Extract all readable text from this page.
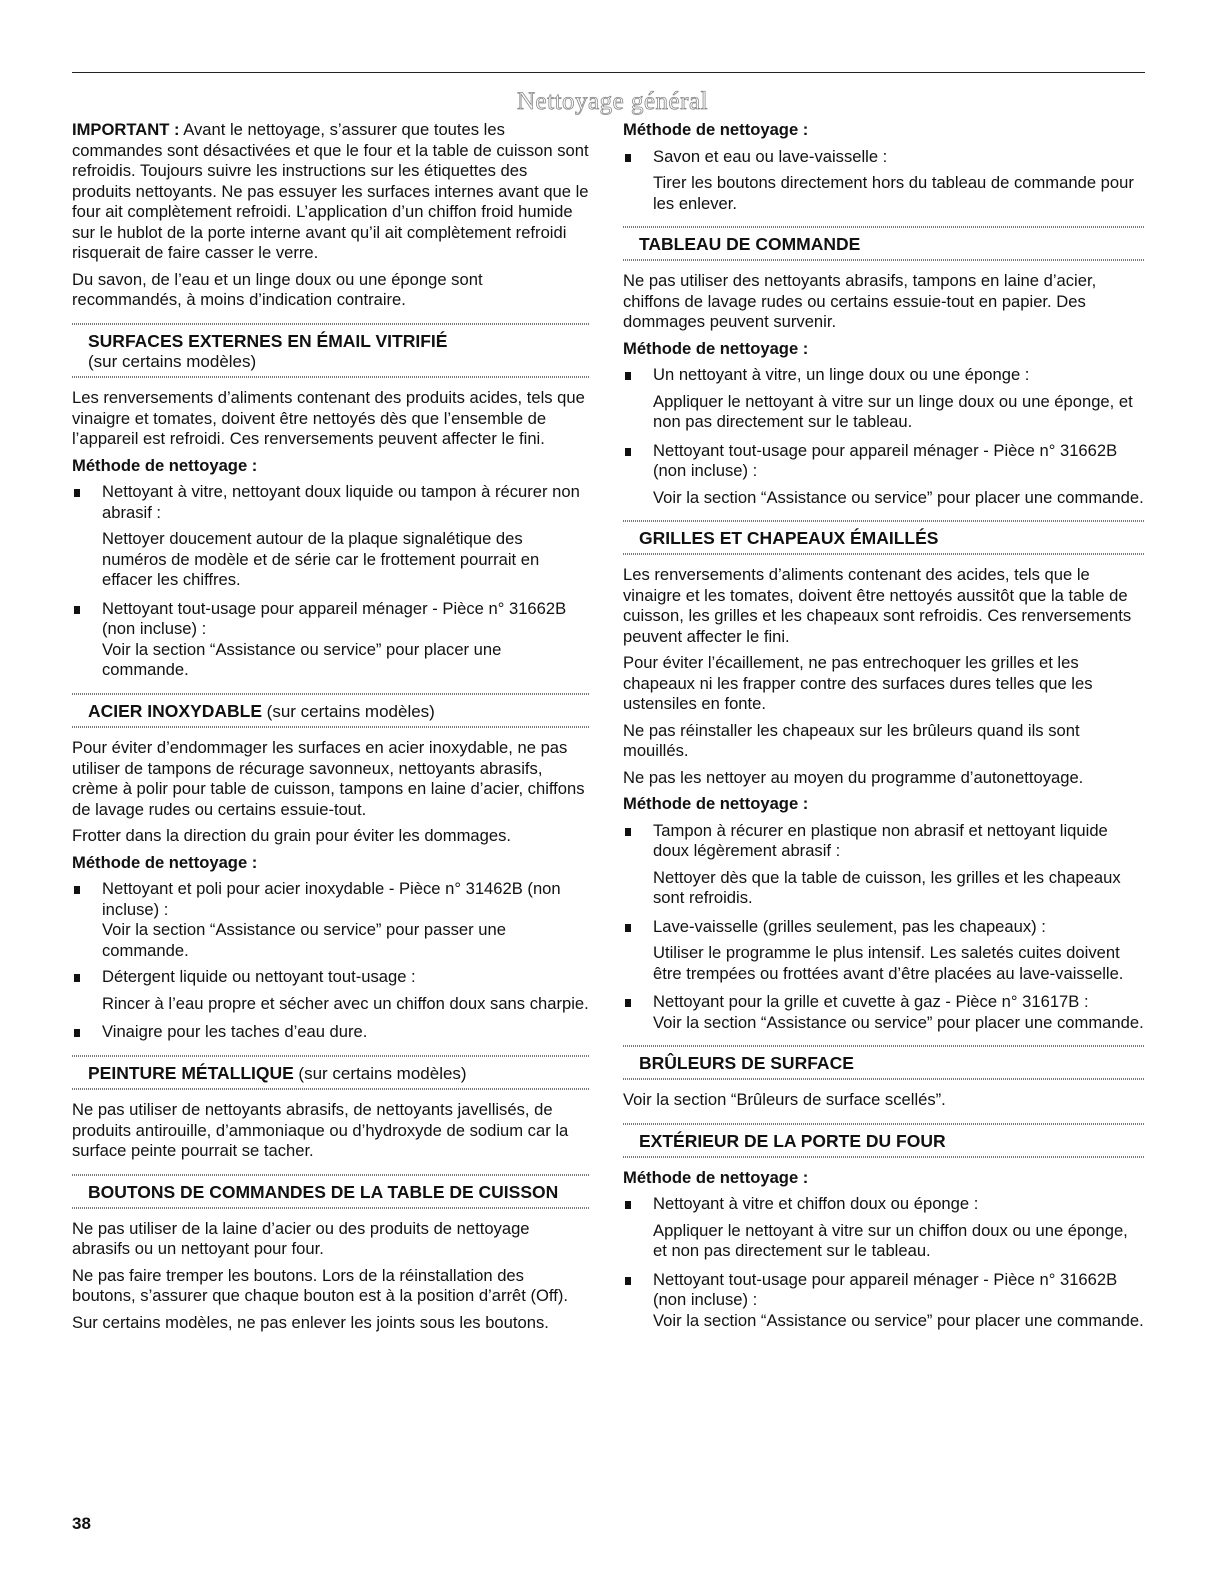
Nettoyage général

IMPORTANT : Avant le nettoyage, s’assurer que toutes les commandes sont désactivées et que le four et la table de cuisson sont refroidis. Toujours suivre les instructions sur les étiquettes des produits nettoyants. Ne pas essuyer les surfaces internes avant que le four ait complètement refroidi. L’application d’un chiffon froid humide sur le hublot de la porte interne avant qu’il ait complètement refroidi risquerait de faire casser le verre.

Du savon, de l’eau et un linge doux ou une éponge sont recommandés, à moins d’indication contraire.

SURFACES EXTERNES EN ÉMAIL VITRIFIÉ
(sur certains modèles)

Les renversements d’aliments contenant des produits acides, tels que vinaigre et tomates, doivent être nettoyés dès que l’ensemble de l’appareil est refroidi. Ces renversements peuvent affecter le fini.

Méthode de nettoyage :

Nettoyant à vitre, nettoyant doux liquide ou tampon à récurer non abrasif :

Nettoyer doucement autour de la plaque signalétique des numéros de modèle et de série car le frottement pourrait en effacer les chiffres.

Nettoyant tout-usage pour appareil ménager - Pièce n° 31662B (non incluse) :
Voir la section “Assistance ou service” pour placer une commande.

ACIER INOXYDABLE (sur certains modèles)

Pour éviter d’endommager les surfaces en acier inoxydable, ne pas utiliser de tampons de récurage savonneux, nettoyants abrasifs, crème à polir pour table de cuisson, tampons en laine d’acier, chiffons de lavage rudes ou certains essuie-tout.

Frotter dans la direction du grain pour éviter les dommages.

Méthode de nettoyage :

Nettoyant et poli pour acier inoxydable - Pièce n° 31462B (non incluse) :
Voir la section “Assistance ou service” pour passer une commande.

Détergent liquide ou nettoyant tout-usage :

Rincer à l’eau propre et sécher avec un chiffon doux sans charpie.

Vinaigre pour les taches d’eau dure.

PEINTURE MÉTALLIQUE (sur certains modèles)

Ne pas utiliser de nettoyants abrasifs, de nettoyants javellisés, de produits antirouille, d’ammoniaque ou d’hydroxyde de sodium car la surface peinte pourrait se tacher.

BOUTONS DE COMMANDES DE LA TABLE DE CUISSON

Ne pas utiliser de la laine d’acier ou des produits de nettoyage abrasifs ou un nettoyant pour four.

Ne pas faire tremper les boutons. Lors de la réinstallation des boutons, s’assurer que chaque bouton est à la position d’arrêt (Off).

Sur certains modèles, ne pas enlever les joints sous les boutons.

Méthode de nettoyage :

Savon et eau ou lave-vaisselle :

Tirer les boutons directement hors du tableau de commande pour les enlever.

TABLEAU DE COMMANDE

Ne pas utiliser des nettoyants abrasifs, tampons en laine d’acier, chiffons de lavage rudes ou certains essuie-tout en papier. Des dommages peuvent survenir.

Méthode de nettoyage :

Un nettoyant à vitre, un linge doux ou une éponge :

Appliquer le nettoyant à vitre sur un linge doux ou une éponge, et non pas directement sur le tableau.

Nettoyant tout-usage pour appareil ménager - Pièce n° 31662B (non incluse) :

Voir la section “Assistance ou service” pour placer une commande.

GRILLES ET CHAPEAUX ÉMAILLÉS

Les renversements d’aliments contenant des acides, tels que le vinaigre et les tomates, doivent être nettoyés aussitôt que la table de cuisson, les grilles et les chapeaux sont refroidis. Ces renversements peuvent affecter le fini.

Pour éviter l’écaillement, ne pas entrechoquer les grilles et les chapeaux ni les frapper contre des surfaces dures telles que les ustensiles en fonte.

Ne pas réinstaller les chapeaux sur les brûleurs quand ils sont mouillés.

Ne pas les nettoyer au moyen du programme d’autonettoyage.

Méthode de nettoyage :

Tampon à récurer en plastique non abrasif et nettoyant liquide doux légèrement abrasif :

Nettoyer dès que la table de cuisson, les grilles et les chapeaux sont refroidis.

Lave-vaisselle (grilles seulement, pas les chapeaux) :

Utiliser le programme le plus intensif. Les saletés cuites doivent être trempées ou frottées avant d’être placées au lave-vaisselle.

Nettoyant pour la grille et cuvette à gaz - Pièce n° 31617B :
Voir la section “Assistance ou service” pour placer une commande.

BRÛLEURS DE SURFACE

Voir la section “Brûleurs de surface scellés”.

EXTÉRIEUR DE LA PORTE DU FOUR

Méthode de nettoyage :

Nettoyant à vitre et chiffon doux ou éponge :

Appliquer le nettoyant à vitre sur un chiffon doux ou une éponge, et non pas directement sur le tableau.

Nettoyant tout-usage pour appareil ménager - Pièce n° 31662B (non incluse) :
Voir la section “Assistance ou service” pour placer une commande.

38
